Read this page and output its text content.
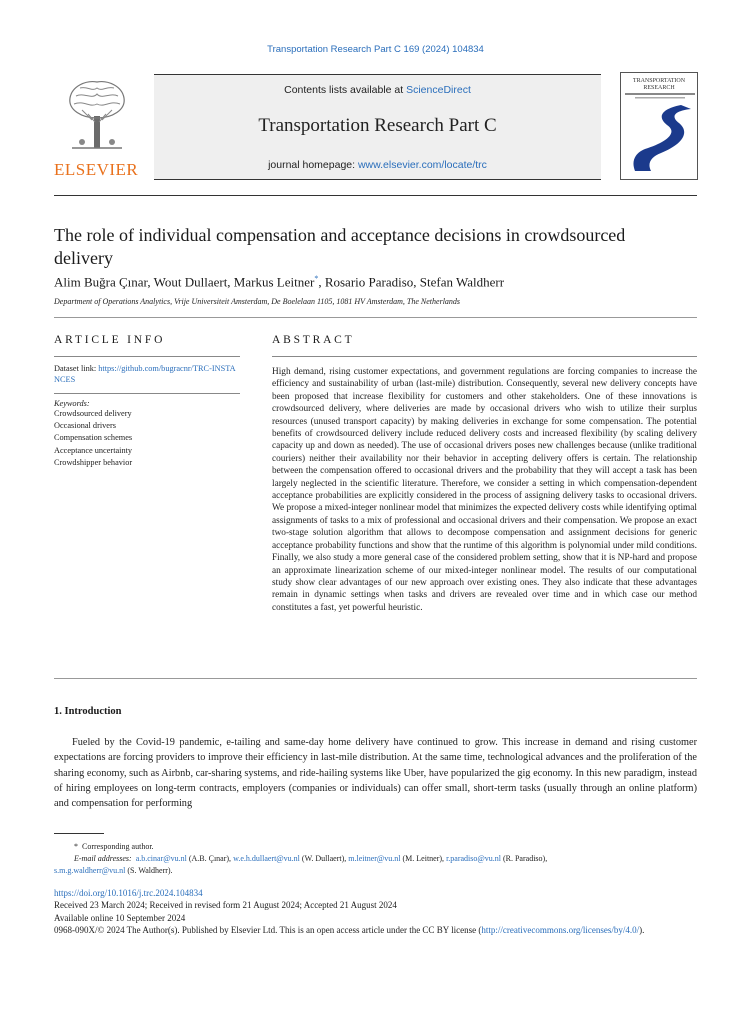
Transportation Research Part C 169 (2024) 104834
ELSEVIER
Contents lists available at ScienceDirect
Transportation Research Part C
journal homepage: www.elsevier.com/locate/trc
TRANSPORTATION
RESEARCH
The role of individual compensation and acceptance decisions in crowdsourced delivery
Alim Buğra Çınar, Wout Dullaert, Markus Leitner*, Rosario Paradiso, Stefan Waldherr
Department of Operations Analytics, Vrije Universiteit Amsterdam, De Boelelaan 1105, 1081 HV Amsterdam, The Netherlands
ARTICLE INFO
Dataset link: https://github.com/bugracnr/TRC-INSTANCES
Keywords:
Crowdsourced delivery
Occasional drivers
Compensation schemes
Acceptance uncertainty
Crowdshipper behavior
ABSTRACT
High demand, rising customer expectations, and government regulations are forcing companies to increase the efficiency and sustainability of urban (last-mile) distribution. Consequently, several new delivery concepts have been proposed that increase flexibility for customers and other stakeholders. One of these innovations is crowdsourced delivery, where deliveries are made by occasional drivers who wish to utilize their surplus resources (unused transport capacity) by making deliveries in exchange for some compensation. The potential benefits of crowdsourced delivery include reduced delivery costs and increased flexibility (by scaling delivery capacity up and down as needed). The use of occasional drivers poses new challenges because (unlike traditional couriers) neither their availability nor their behavior in accepting delivery offers is certain. The relationship between the compensation offered to occasional drivers and the probability that they will accept a task has been largely neglected in the scientific literature. Therefore, we consider a setting in which compensation-dependent acceptance probabilities are explicitly considered in the process of assigning delivery tasks to occasional drivers. We propose a mixed-integer nonlinear model that minimizes the expected delivery costs while identifying optimal assignments of tasks to a mix of professional and occasional drivers and their compensation. We propose an exact two-stage solution algorithm that allows to decompose compensation and assignment decisions for generic acceptance probability functions and show that the runtime of this algorithm is polynomial under mild conditions. Finally, we also study a more general case of the considered problem setting, show that it is NP-hard and propose an approximate linearization scheme of our mixed-integer nonlinear model. The results of our computational study show clear advantages of our new approach over existing ones. They also indicate that these advantages remain in dynamic settings when tasks and drivers are revealed over time and in which case our method constitutes a fast, yet powerful heuristic.
1. Introduction
Fueled by the Covid-19 pandemic, e-tailing and same-day home delivery have continued to grow. This increase in demand and rising customer expectations are forcing providers to improve their efficiency in last-mile distribution. At the same time, technological advances and the proliferation of the sharing economy, such as Airbnb, car-sharing systems, and ride-hailing systems like Uber, have popularized the gig economy. In this new paradigm, instead of hiring employees on long-term contracts, employers (companies or individuals) can offer small, short-term tasks (usually through an online platform) and compensation for performing
* Corresponding author.
E-mail addresses: a.b.cinar@vu.nl (A.B. Çınar), w.e.h.dullaert@vu.nl (W. Dullaert), m.leitner@vu.nl (M. Leitner), r.paradiso@vu.nl (R. Paradiso),
s.m.g.waldherr@vu.nl (S. Waldherr).
https://doi.org/10.1016/j.trc.2024.104834
Received 23 March 2024; Received in revised form 21 August 2024; Accepted 21 August 2024
Available online 10 September 2024
0968-090X/© 2024 The Author(s). Published by Elsevier Ltd. This is an open access article under the CC BY license (http://creativecommons.org/licenses/by/4.0/).
